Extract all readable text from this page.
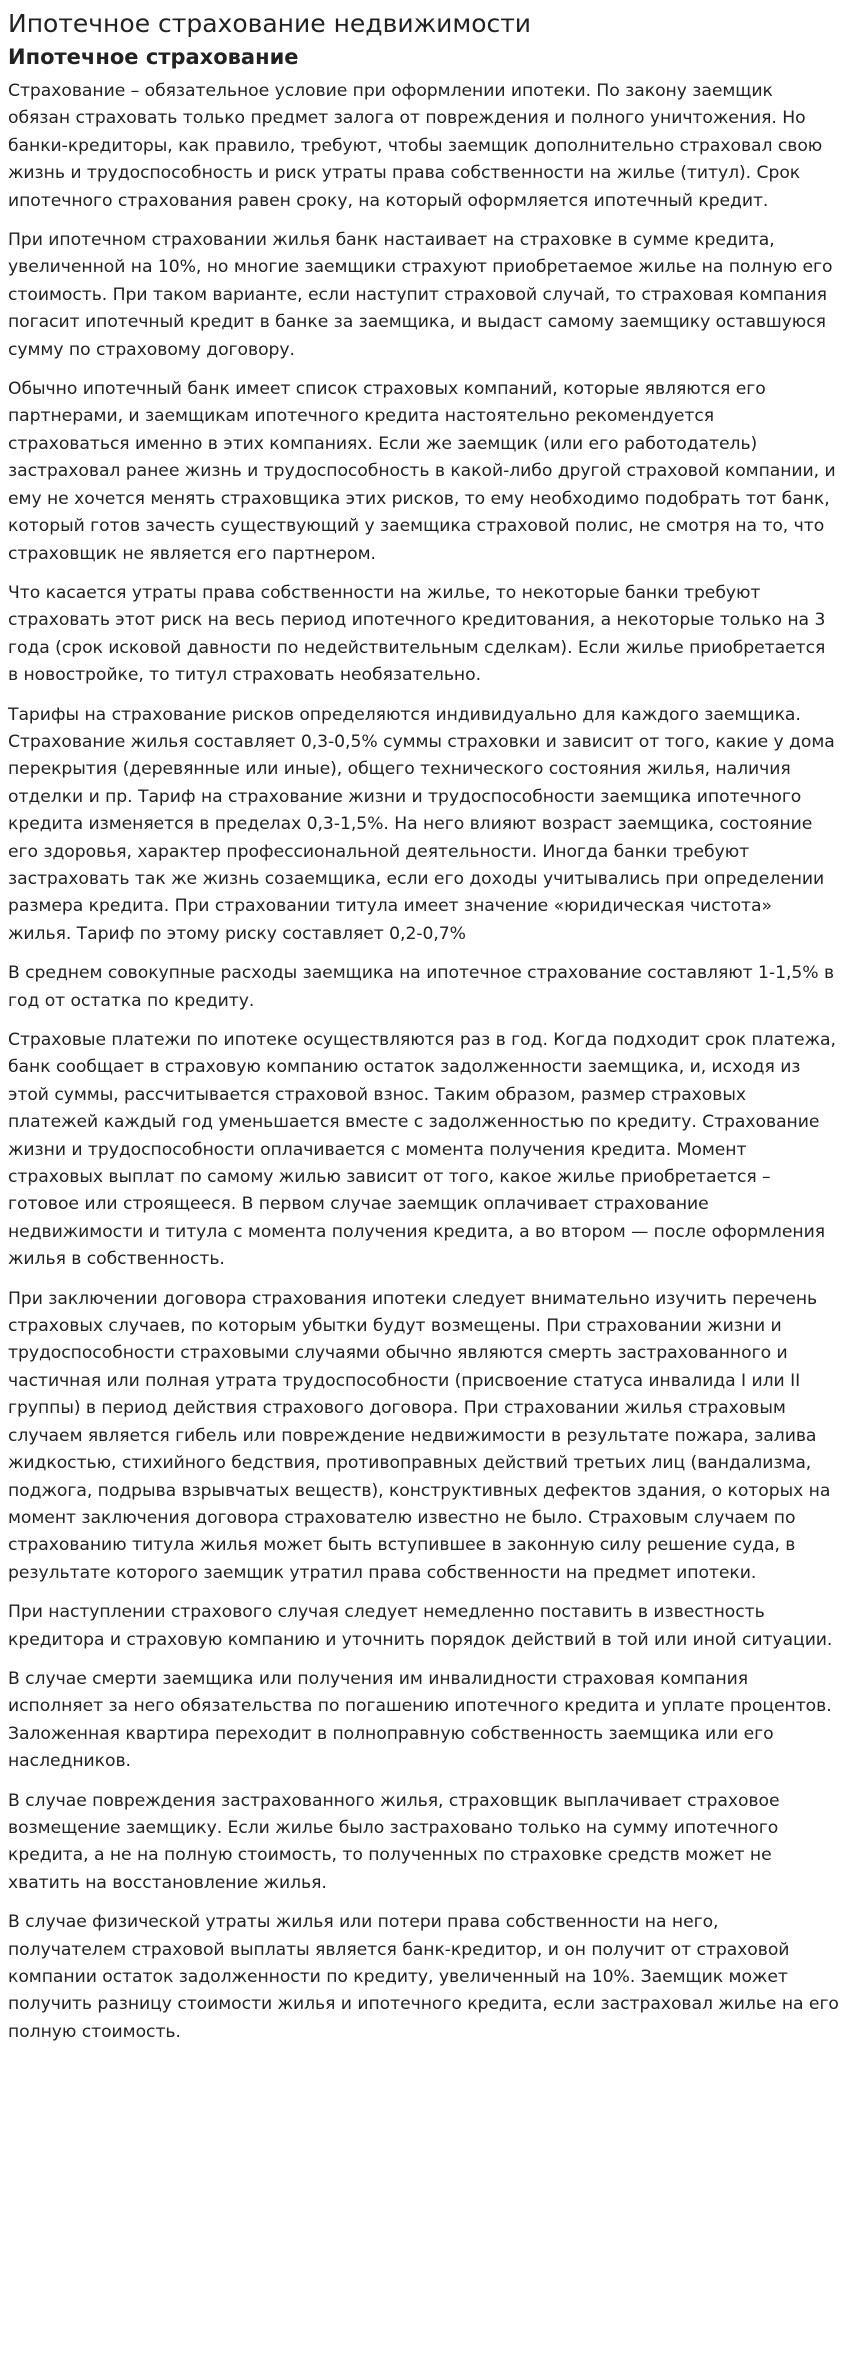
Ипотечное страхование недвижимости
Ипотечное страхование

Страхование – обязательное условие при оформлении ипотеки. По закону заемщик обязан страховать только предмет залога от повреждения и полного уничтожения. Но банки-кредиторы, как правило, требуют, чтобы заемщик дополнительно страховал свою жизнь и трудоспособность и риск утраты права собственности на жилье (титул). Срок ипотечного страхования равен сроку, на который оформляется ипотечный кредит.

При ипотечном страховании жилья банк настаивает на страховке в сумме кредита, увеличенной на 10%, но многие заемщики страхуют приобретаемое жилье на полную его стоимость. При таком варианте, если наступит страховой случай, то страховая компания погасит ипотечный кредит в банке за заемщика, и выдаст самому заемщику оставшуюся сумму по страховому договору.

Обычно ипотечный банк имеет список страховых компаний, которые являются его партнерами, и заемщикам ипотечного кредита настоятельно рекомендуется страховаться именно в этих компаниях. Если же заемщик (или его работодатель) застраховал ранее жизнь и трудоспособность в какой-либо другой страховой компании, и ему не хочется менять страховщика этих рисков, то ему необходимо подобрать тот банк, который готов зачесть существующий у заемщика страховой полис, не смотря на то, что страховщик не является его партнером.

Что касается утраты права собственности на жилье, то некоторые банки требуют страховать этот риск на весь период ипотечного кредитования, а некоторые только на 3 года (срок исковой давности по недействительным сделкам). Если жилье приобретается в новостройке, то титул страховать необязательно.

Тарифы на страхование рисков определяются индивидуально для каждого заемщика. Страхование жилья составляет 0,3-0,5% суммы страховки и зависит от того, какие у дома перекрытия (деревянные или иные), общего технического состояния жилья, наличия отделки и пр. Тариф на страхование жизни и трудоспособности заемщика ипотечного кредита изменяется в пределах 0,3-1,5%. На него влияют возраст заемщика, состояние его здоровья, характер профессиональной деятельности. Иногда банки требуют застраховать так же жизнь созаемщика, если его доходы учитывались при определении размера кредита. При страховании титула имеет значение «юридическая чистота» жилья. Тариф по этому риску составляет 0,2-0,7%

В среднем совокупные расходы заемщика на ипотечное страхование составляют 1-1,5% в год от остатка по кредиту.

Страховые платежи по ипотеке осуществляются раз в год. Когда подходит срок платежа, банк сообщает в страховую компанию остаток задолженности заемщика, и, исходя из этой суммы, рассчитывается страховой взнос. Таким образом, размер страховых платежей каждый год уменьшается вместе с задолженностью по кредиту. Страхование жизни и трудоспособности оплачивается с момента получения кредита. Момент страховых выплат по самому жилью зависит от того, какое жилье приобретается – готовое или строящееся. В первом случае заемщик оплачивает страхование недвижимости и титула с момента получения кредита, а во втором — после оформления жилья в собственность.

При заключении договора страхования ипотеки следует внимательно изучить перечень страховых случаев, по которым убытки будут возмещены. При страховании жизни и трудоспособности страховыми случаями обычно являются смерть застрахованного и частичная или полная утрата трудоспособности (присвоение статуса инвалида I или II группы) в период действия страхового договора. При страховании жилья страховым случаем является гибель или повреждение недвижимости в результате пожара, залива жидкостью, стихийного бедствия, противоправных действий третьих лиц (вандализма, поджога, подрыва взрывчатых веществ), конструктивных дефектов здания, о которых на момент заключения договора страхователю известно не было. Страховым случаем по страхованию титула жилья может быть вступившее в законную силу решение суда, в результате которого заемщик утратил права собственности на предмет ипотеки.

При наступлении страхового случая следует немедленно поставить в известность кредитора и страховую компанию и уточнить порядок действий в той или иной ситуации.

В случае смерти заемщика или получения им инвалидности страховая компания исполняет за него обязательства по погашению ипотечного кредита и уплате процентов. Заложенная квартира переходит в полноправную собственность заемщика или его наследников.

В случае повреждения застрахованного жилья, страховщик выплачивает страховое возмещение заемщику. Если жилье было застраховано только на сумму ипотечного кредита, а не на полную стоимость, то полученных по страховке средств может не хватить на восстановление жилья.

В случае физической утраты жилья или потери права собственности на него, получателем страховой выплаты является банк-кредитор, и он получит от страховой компании остаток задолженности по кредиту, увеличенный на 10%. Заемщик может получить разницу стоимости жилья и ипотечного кредита, если застраховал жилье на его полную стоимость.
